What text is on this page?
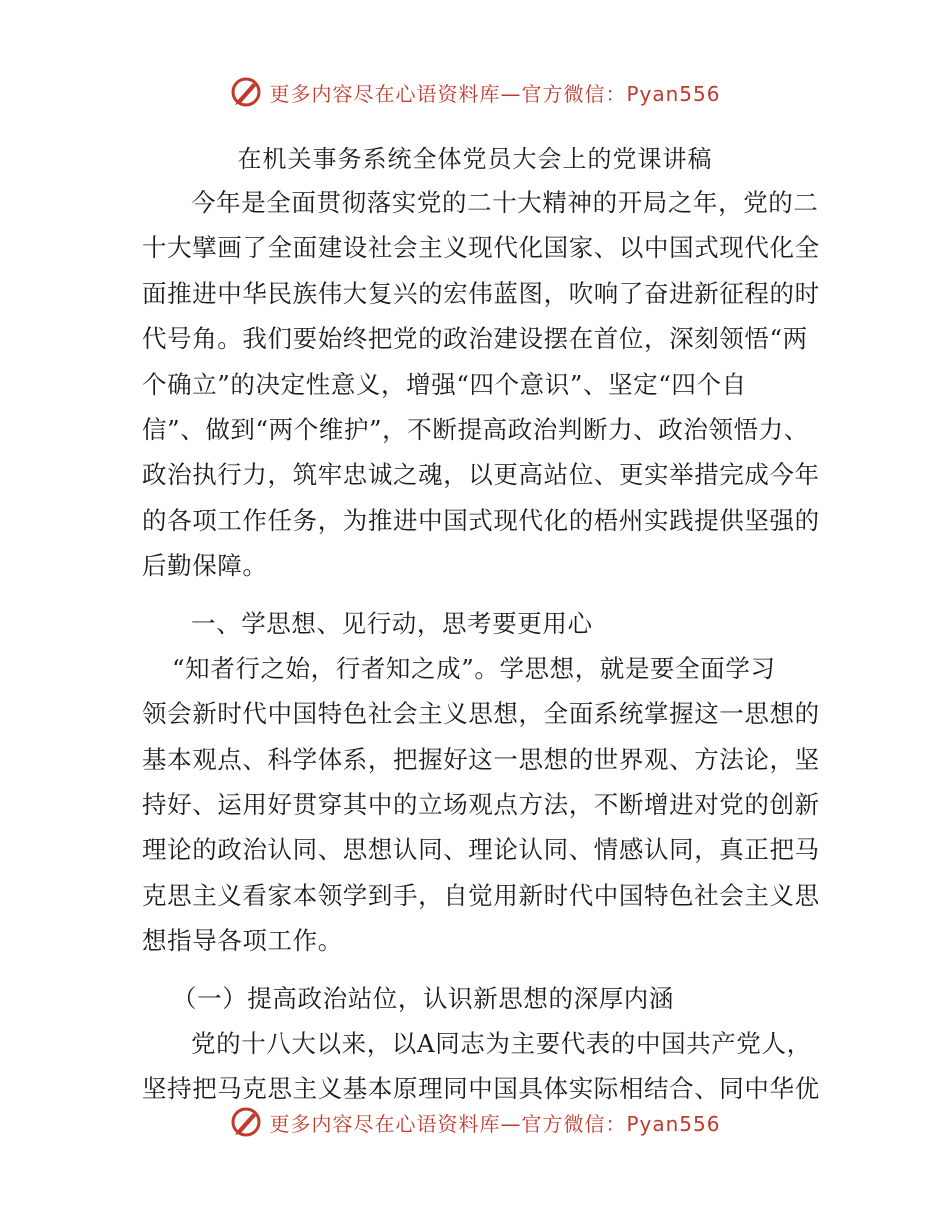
更多内容尽在心语资料库—官方微信：Pyan556
在机关事务系统全体党员大会上的党课讲稿
今年是全面贯彻落实党的二十大精神的开局之年，党的二
十大擘画了全面建设社会主义现代化国家、以中国式现代化全
面推进中华民族伟大复兴的宏伟蓝图，吹响了奋进新征程的时
代号角。我们要始终把党的政治建设摆在首位，深刻领悟“两
个确立”的决定性意义，增强“四个意识”、坚定“四个自
信”、做到“两个维护”，不断提高政治判断力、政治领悟力、
政治执行力，筑牢忠诚之魂，以更高站位、更实举措完成今年
的各项工作任务，为推进中国式现代化的梧州实践提供坚强的
后勤保障。
一、学思想、见行动，思考要更用心
“知者行之始，行者知之成”。学思想，就是要全面学习
领会新时代中国特色社会主义思想，全面系统掌握这一思想的
基本观点、科学体系，把握好这一思想的世界观、方法论，坚
持好、运用好贯穿其中的立场观点方法，不断增进对党的创新
理论的政治认同、思想认同、理论认同、情感认同，真正把马
克思主义看家本领学到手，自觉用新时代中国特色社会主义思
想指导各项工作。
（一）提高政治站位，认识新思想的深厚内涵
党的十八大以来，以A同志为主要代表的中国共产党人，
坚持把马克思主义基本原理同中国具体实际相结合、同中华优
更多内容尽在心语资料库—官方微信：Pyan556
